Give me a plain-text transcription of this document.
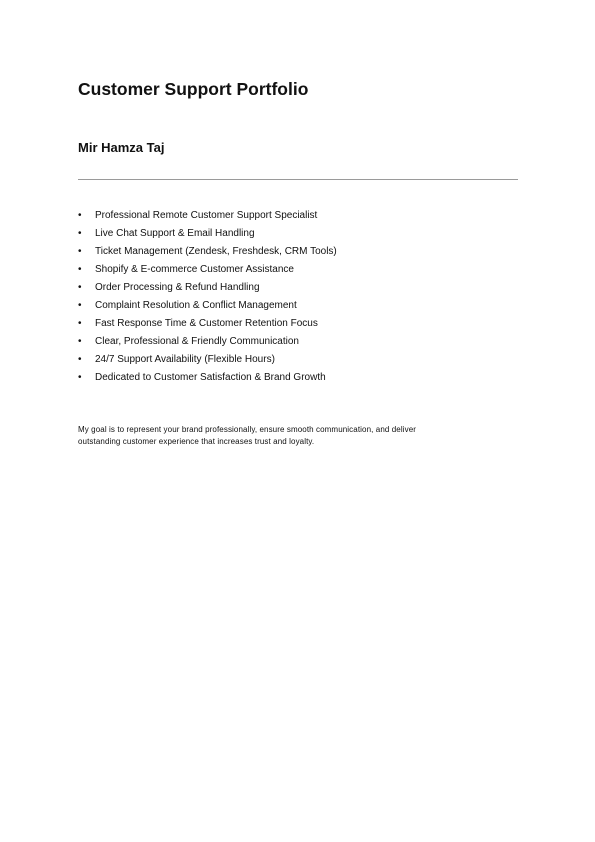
Customer Support Portfolio
Mir Hamza Taj
•	Professional Remote Customer Support Specialist
•	Live Chat Support & Email Handling
•	Ticket Management (Zendesk, Freshdesk, CRM Tools)
•	Shopify & E-commerce Customer Assistance
•	Order Processing & Refund Handling
•	Complaint Resolution & Conflict Management
•	Fast Response Time & Customer Retention Focus
•	Clear, Professional & Friendly Communication
•	24/7 Support Availability (Flexible Hours)
•	Dedicated to Customer Satisfaction & Brand Growth

My goal is to represent your brand professionally, ensure smooth communication, and deliver
outstanding customer experience that increases trust and loyalty.
